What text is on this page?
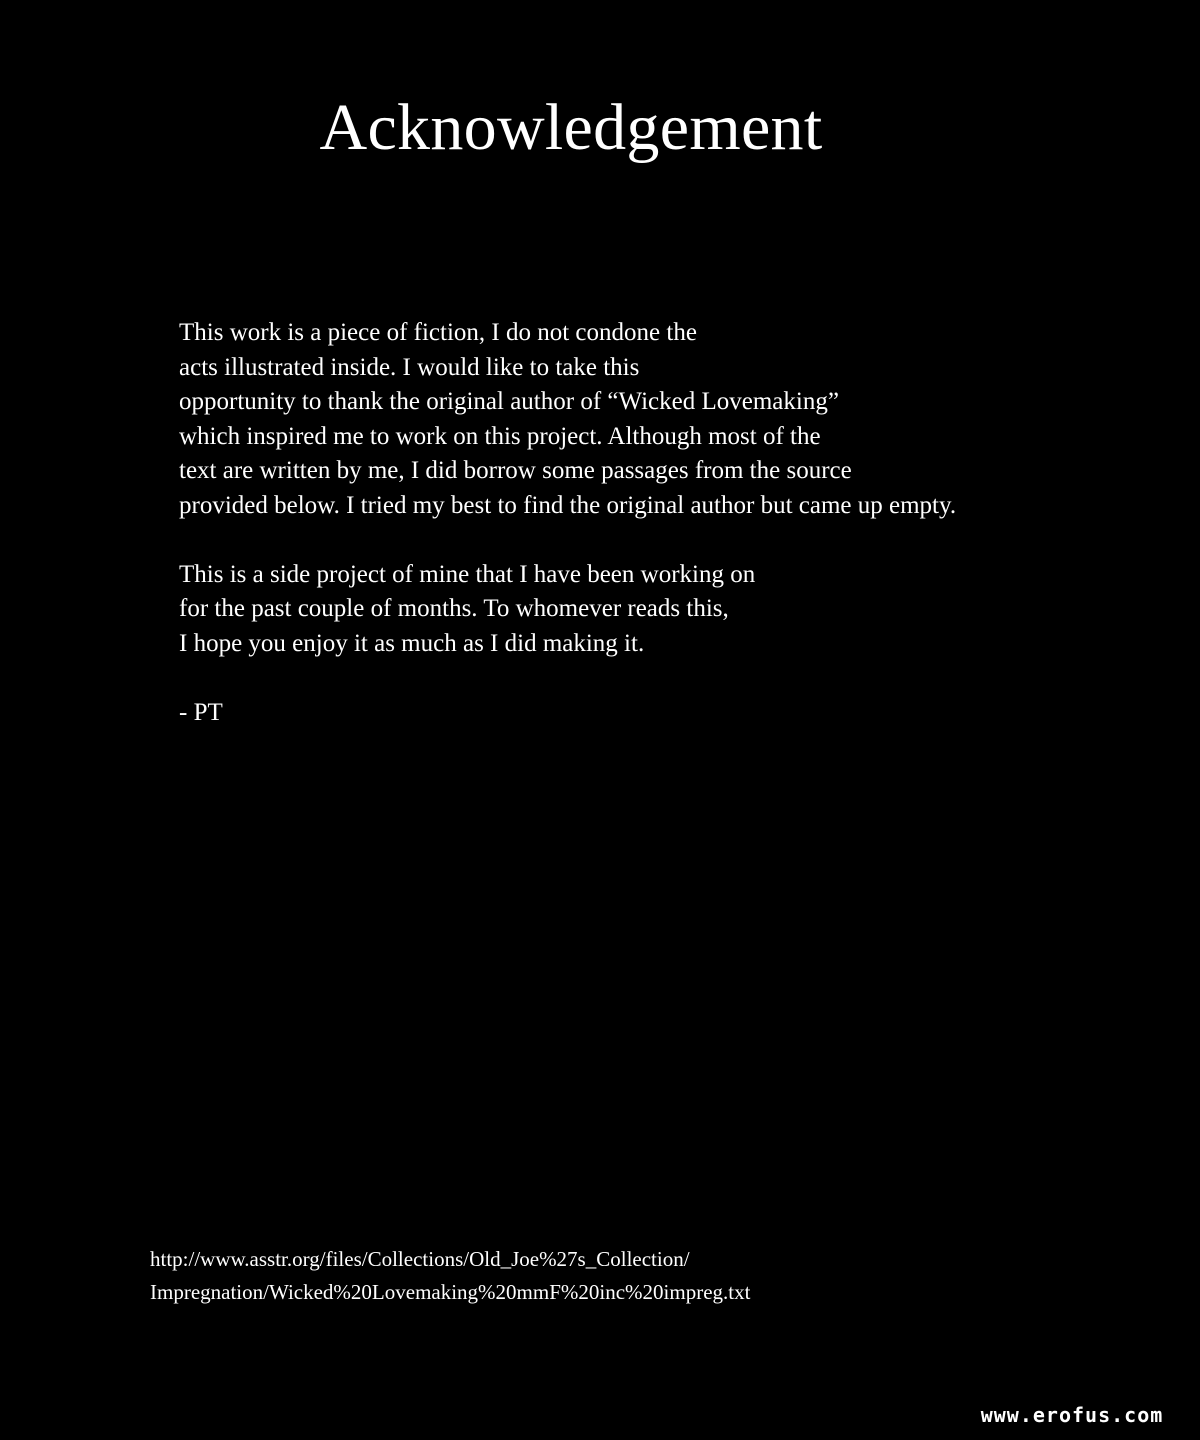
Acknowledgement

This work is a piece of fiction, I do not condone the
acts illustrated inside. I would like to take this
opportunity to thank the original author of “Wicked Lovemaking”
which inspired me to work on this project. Although most of the
text are written by me, I did borrow some passages from the source
provided below. I tried my best to find the original author but came up empty.

This is a side project of mine that I have been working on
for the past couple of months. To whomever reads this,
I hope you enjoy it as much as I did making it.

- PT

http://www.asstr.org/files/Collections/Old_Joe%27s_Collection/
Impregnation/Wicked%20Lovemaking%20mmF%20inc%20impreg.txt
www.erofus.com
